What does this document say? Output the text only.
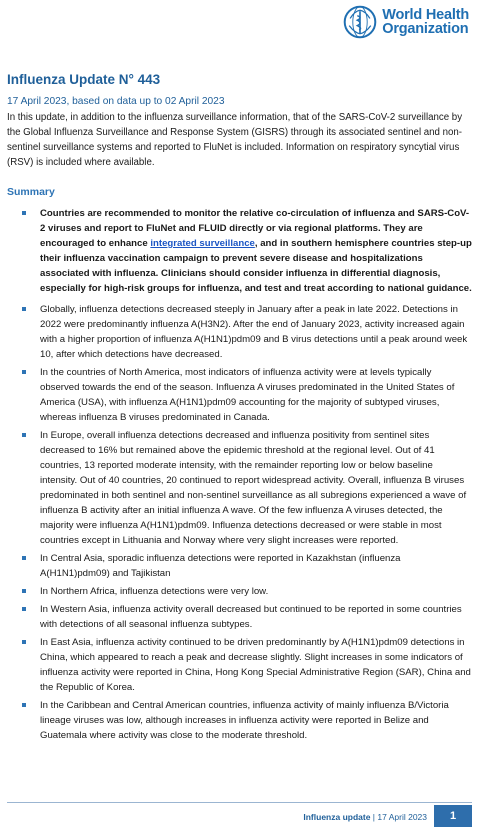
World Health
Organization
Influenza Update N° 443
17 April 2023, based on data up to 02 April 2023

In this update, in addition to the influenza surveillance information, that of the SARS-CoV-2 surveillance by the Global Influenza Surveillance and Response System (GISRS) through its associated sentinel and non-sentinel surveillance systems and reported to FluNet is included. Information on respiratory syncytial virus (RSV) is included where available.

Summary
Countries are recommended to monitor the relative co-circulation of influenza and SARS-CoV-2 viruses and report to FluNet and FLUID directly or via regional platforms. They are encouraged to enhance integrated surveillance, and in southern hemisphere countries step-up their influenza vaccination campaign to prevent severe disease and hospitalizations associated with influenza. Clinicians should consider influenza in differential diagnosis, especially for high-risk groups for influenza, and test and treat according to national guidance.
Globally, influenza detections decreased steeply in January after a peak in late 2022. Detections in 2022 were predominantly influenza A(H3N2). After the end of January 2023, activity increased again with a higher proportion of influenza A(H1N1)pdm09 and B virus detections until a peak around week 10, after which detections have decreased.
In the countries of North America, most indicators of influenza activity were at levels typically observed towards the end of the season. Influenza A viruses predominated in the United States of America (USA), with influenza A(H1N1)pdm09 accounting for the majority of subtyped viruses, whereas influenza B viruses predominated in Canada.
In Europe, overall influenza detections decreased and influenza positivity from sentinel sites decreased to 16% but remained above the epidemic threshold at the regional level. Out of 41 countries, 13 reported moderate intensity, with the remainder reporting low or below baseline intensity. Out of 40 countries, 20 continued to report widespread activity. Overall, influenza B viruses predominated in both sentinel and non-sentinel surveillance as all subregions experienced a wave of influenza B activity after an initial influenza A wave. Of the few influenza A viruses detected, the majority were influenza A(H1N1)pdm09. Influenza detections decreased or were stable in most countries except in Lithuania and Norway where very slight increases were reported.
In Central Asia, sporadic influenza detections were reported in Kazakhstan (influenza A(H1N1)pdm09) and Tajikistan
In Northern Africa, influenza detections were very low.
In Western Asia, influenza activity overall decreased but continued to be reported in some countries with detections of all seasonal influenza subtypes.
In East Asia, influenza activity continued to be driven predominantly by A(H1N1)pdm09 detections in China, which appeared to reach a peak and decrease slightly. Slight increases in some indicators of influenza activity were reported in China, Hong Kong Special Administrative Region (SAR), China and the Republic of Korea.
In the Caribbean and Central American countries, influenza activity of mainly influenza B/Victoria lineage viruses was low, although increases in influenza activity were reported in Belize and Guatemala where activity was close to the moderate threshold.
Influenza update | 17 April 2023	1
